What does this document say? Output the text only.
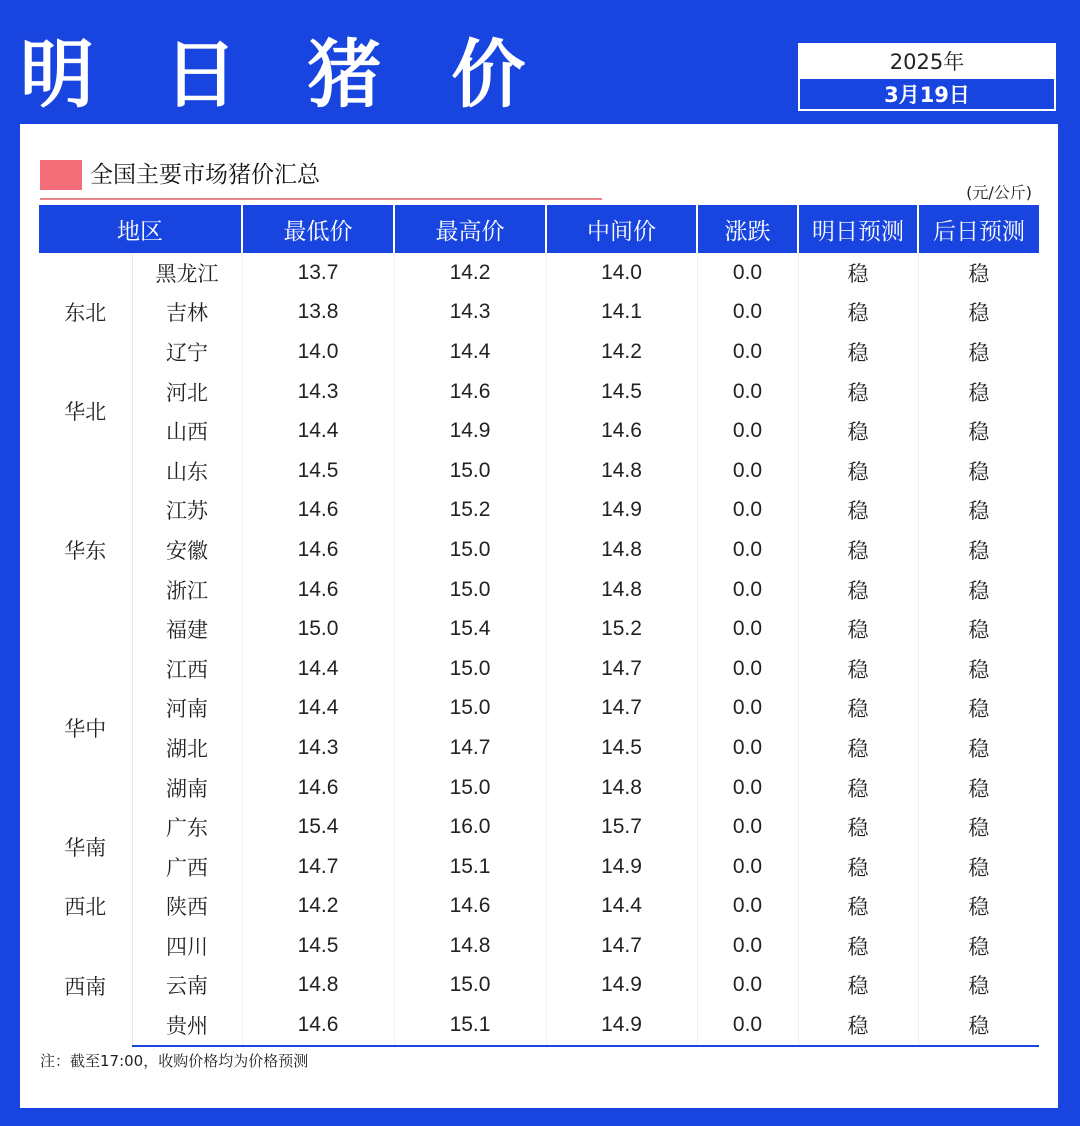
明 日 猪 价	2025年
3月19日
全国主要市场猪价汇总
(元/公斤)
地区		最低价	最高价	中间价	涨跌	明日预测	后日预测
东北	黑龙江	13.7	14.2	14.0	0.0	稳	稳
	吉林	13.8	14.3	14.1	0.0	稳	稳
	辽宁	14.0	14.4	14.2	0.0	稳	稳
华北	河北	14.3	14.6	14.5	0.0	稳	稳
	山西	14.4	14.9	14.6	0.0	稳	稳
华东	山东	14.5	15.0	14.8	0.0	稳	稳
	江苏	14.6	15.2	14.9	0.0	稳	稳
	安徽	14.6	15.0	14.8	0.0	稳	稳
	浙江	14.6	15.0	14.8	0.0	稳	稳
	福建	15.0	15.4	15.2	0.0	稳	稳
华中	江西	14.4	15.0	14.7	0.0	稳	稳
	河南	14.4	15.0	14.7	0.0	稳	稳
	湖北	14.3	14.7	14.5	0.0	稳	稳
	湖南	14.6	15.0	14.8	0.0	稳	稳
华南	广东	15.4	16.0	15.7	0.0	稳	稳
	广西	14.7	15.1	14.9	0.0	稳	稳
西北	陕西	14.2	14.6	14.4	0.0	稳	稳
西南	四川	14.5	14.8	14.7	0.0	稳	稳
	云南	14.8	15.0	14.9	0.0	稳	稳
	贵州	14.6	15.1	14.9	0.0	稳	稳
注：截至17:00，收购价格均为价格预测
